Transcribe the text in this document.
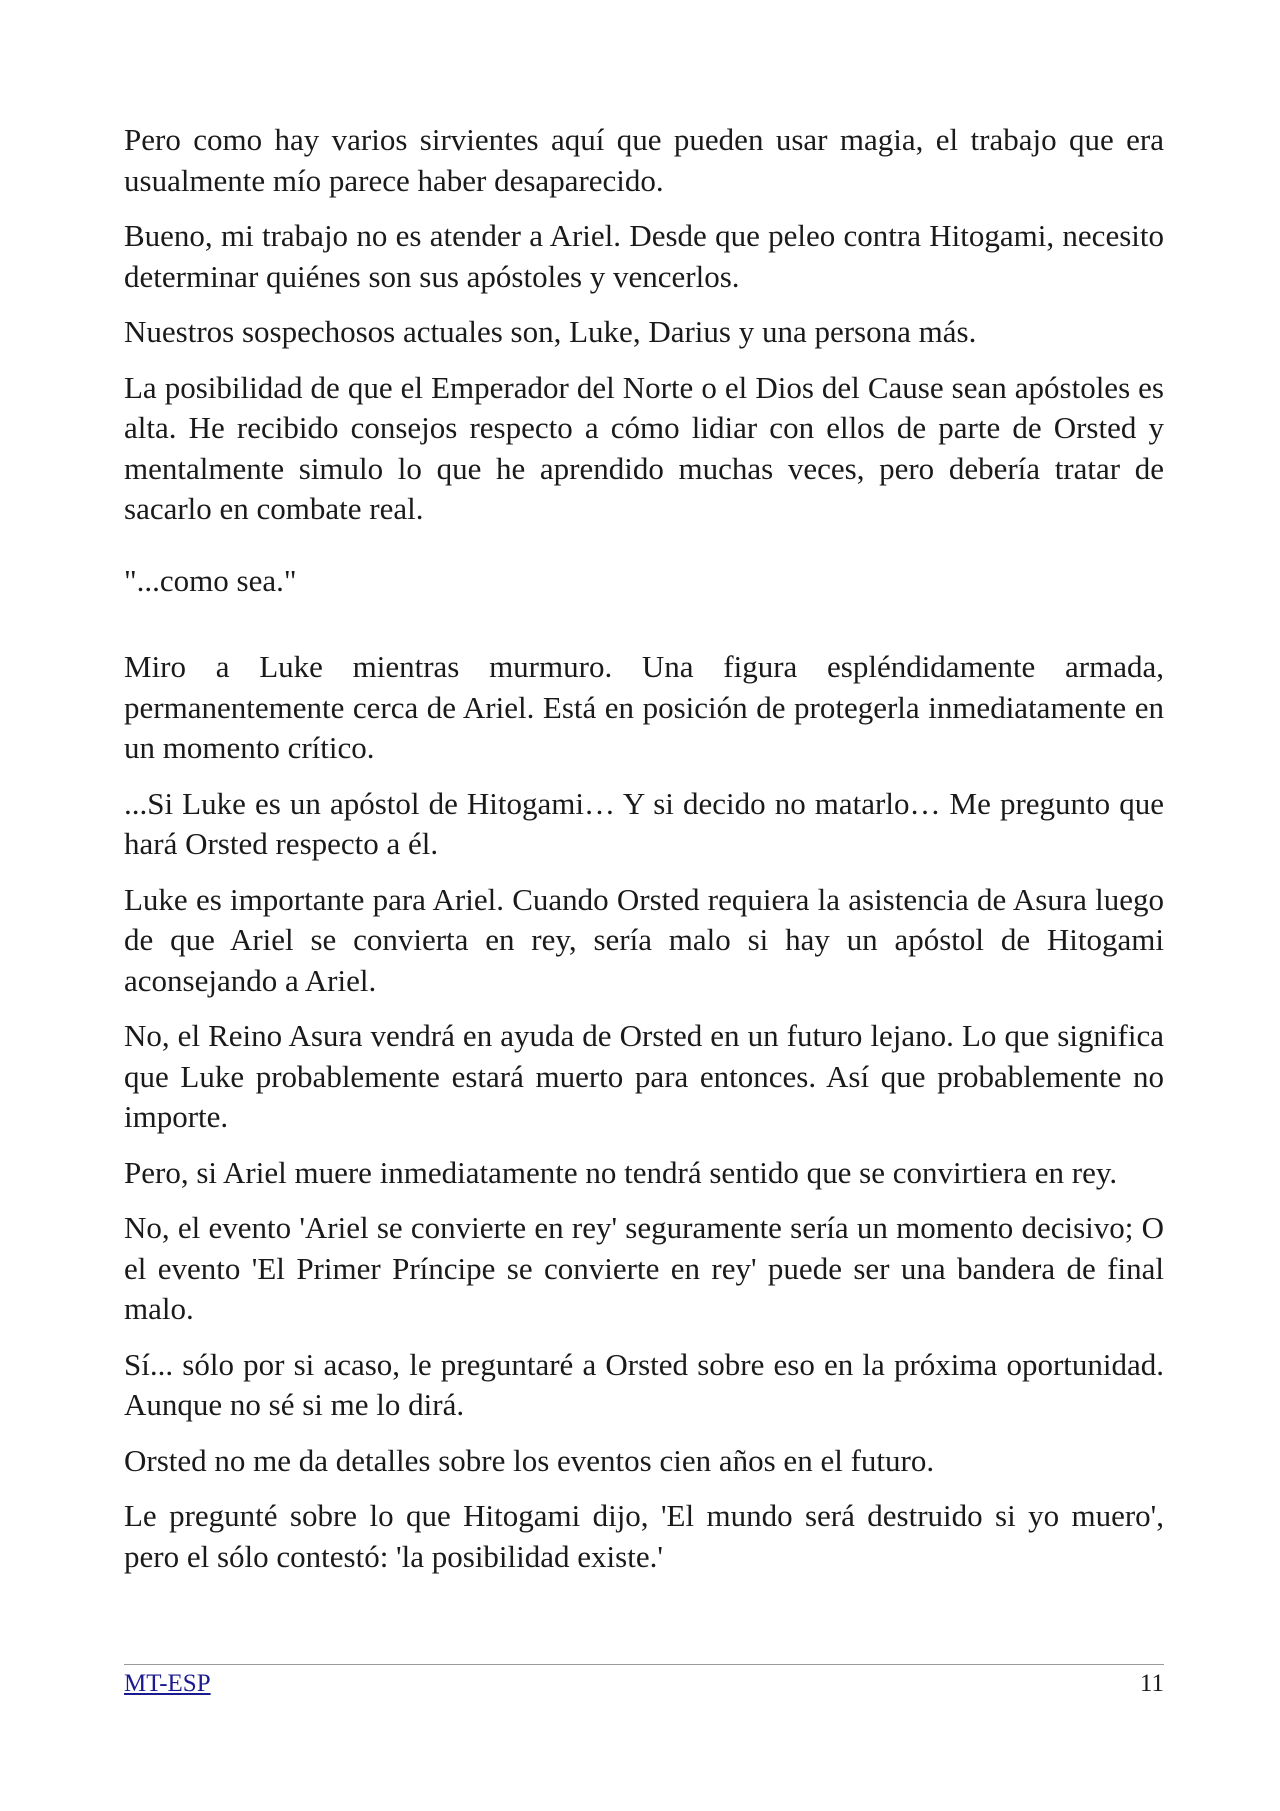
Pero como hay varios sirvientes aquí que pueden usar magia, el trabajo que era usualmente mío parece haber desaparecido.

Bueno, mi trabajo no es atender a Ariel. Desde que peleo contra Hitogami, necesito determinar quiénes son sus apóstoles y vencerlos.

Nuestros sospechosos actuales son, Luke, Darius y una persona más.

La posibilidad de que el Emperador del Norte o el Dios del Cause sean apóstoles es alta. He recibido consejos respecto a cómo lidiar con ellos de parte de Orsted y mentalmente simulo lo que he aprendido muchas veces, pero debería tratar de sacarlo en combate real.

"...como sea."

Miro a Luke mientras murmuro. Una figura espléndidamente armada, permanentemente cerca de Ariel. Está en posición de protegerla inmediatamente en un momento crítico.

...Si Luke es un apóstol de Hitogami… Y si decido no matarlo… Me pregunto que hará Orsted respecto a él.

Luke es importante para Ariel. Cuando Orsted requiera la asistencia de Asura luego de que Ariel se convierta en rey, sería malo si hay un apóstol de Hitogami aconsejando a Ariel.

No, el Reino Asura vendrá en ayuda de Orsted en un futuro lejano. Lo que significa que Luke probablemente estará muerto para entonces. Así que probablemente no importe.

Pero, si Ariel muere inmediatamente no tendrá sentido que se convirtiera en rey.

No, el evento 'Ariel se convierte en rey' seguramente sería un momento decisivo; O el evento 'El Primer Príncipe se convierte en rey' puede ser una bandera de final malo.

Sí... sólo por si acaso, le preguntaré a Orsted sobre eso en la próxima oportunidad. Aunque no sé si me lo dirá.

Orsted no me da detalles sobre los eventos cien años en el futuro.

Le pregunté sobre lo que Hitogami dijo, 'El mundo será destruido si yo muero', pero el sólo contestó: 'la posibilidad existe.'

MT-ESP	11
